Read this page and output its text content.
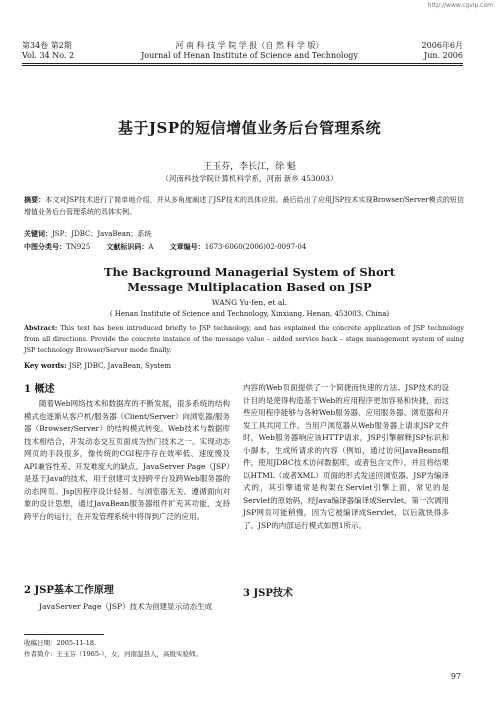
http://www.cqvip.com
第34卷 第2期
Vol. 34 No. 2
河 南 科 技 学 院 学 报（自 然 科 学 版）
Journal of Henan Institute of Science and Technology
2006年6月
Jun. 2006
基于JSP的短信增值业务后台管理系统
王玉芬，李长江，徐 魁
（河南科技学院计算机科学系，河南 新乡 453003）
摘要：本文对JSP技术进行了简单地介绍，并从多角度阐述了JSP技术的具体应用。最后给出了应用JSP技术实现Browser/Server模式的短信增值业务后台管理系统的具体实例。
关键词：JSP；JDBC；JavaBean；系统
中图分类号：TN925 文献标识码：A 文章编号：1673-6060(2006)02-0097-04
The Background Managerial System of Short
Message Multiplacation Based on JSP
WANG Yu-fen, et al.
( Henan Institute of Science and Technology, Xinxiang, Henan, 453003, China)
Abstract: This text has been introduced briefly to JSP technology, and has explained the concrete application of JSP technology from all directions. Provide the concrete instance of the message value – added service back – stage management system of using JSP technology Browser/Server mode finally.
Key words: JSP, JDBC, JavaBean, System
1 概述

随着Web网络技术和数据库的不断发展，很多系统的结构模式也逐渐从客户机/服务器（Client/Server）向浏览器/服务器（Browser/Server）的结构模式转变。Web技术与数据库技术相结合，开发动态交互页面成为热门技术之一。实现动态网页的手段很多，像传统的CGI程序存在效率低、速度慢及API兼容性差、开发难度大的缺点。JavaServer Page（JSP）是基于Java的技术，用于创建可支持跨平台及跨Web服务器的动态网页。Jsp因程序设计轻易、与浏览器无关、遵循面向对象的设计思想，通过JavaBean服务器组件扩充其功能，支持跨平台的运行，在开发管理系统中将得到广泛的应用。

2 JSP基本工作原理

JavaServer Page（JSP）技术为创建显示动态生成

内容的Web页面提供了一个简捷而快速的方法。JSP技术的设计目的是使得构造基于Web的应用程序更加容易和快捷，而这些应用程序能够与各种Web服务器、应用服务器、浏览器和开发工具共同工作。当用户浏览器从Web服务器上请求JSP文件时，Web服务器响应该HTTP请求，JSP引擎解释JSP标识和小脚本，生成所请求的内容（例如，通过访问JavaBeans组件，使用JDBC技术访问数据库，或者包含文件），并且将结果以HTML（或者XML）页面的形式发送回浏览器。JSP为编译式的，其引擎通常是构架在Servlet引擎上面，常见的是Servlet的原始码，经Java编译器编译成Servlet。第一次调用JSP网页可能稍慢，因为它被编译成Servlet，以后就快得多了。JSP的内部运行模式如图1所示。

3 JSP技术
收稿日期：2005-11-18.
作者简介：王玉芬（1965-），女，河南温县人，高级实验师。
97
